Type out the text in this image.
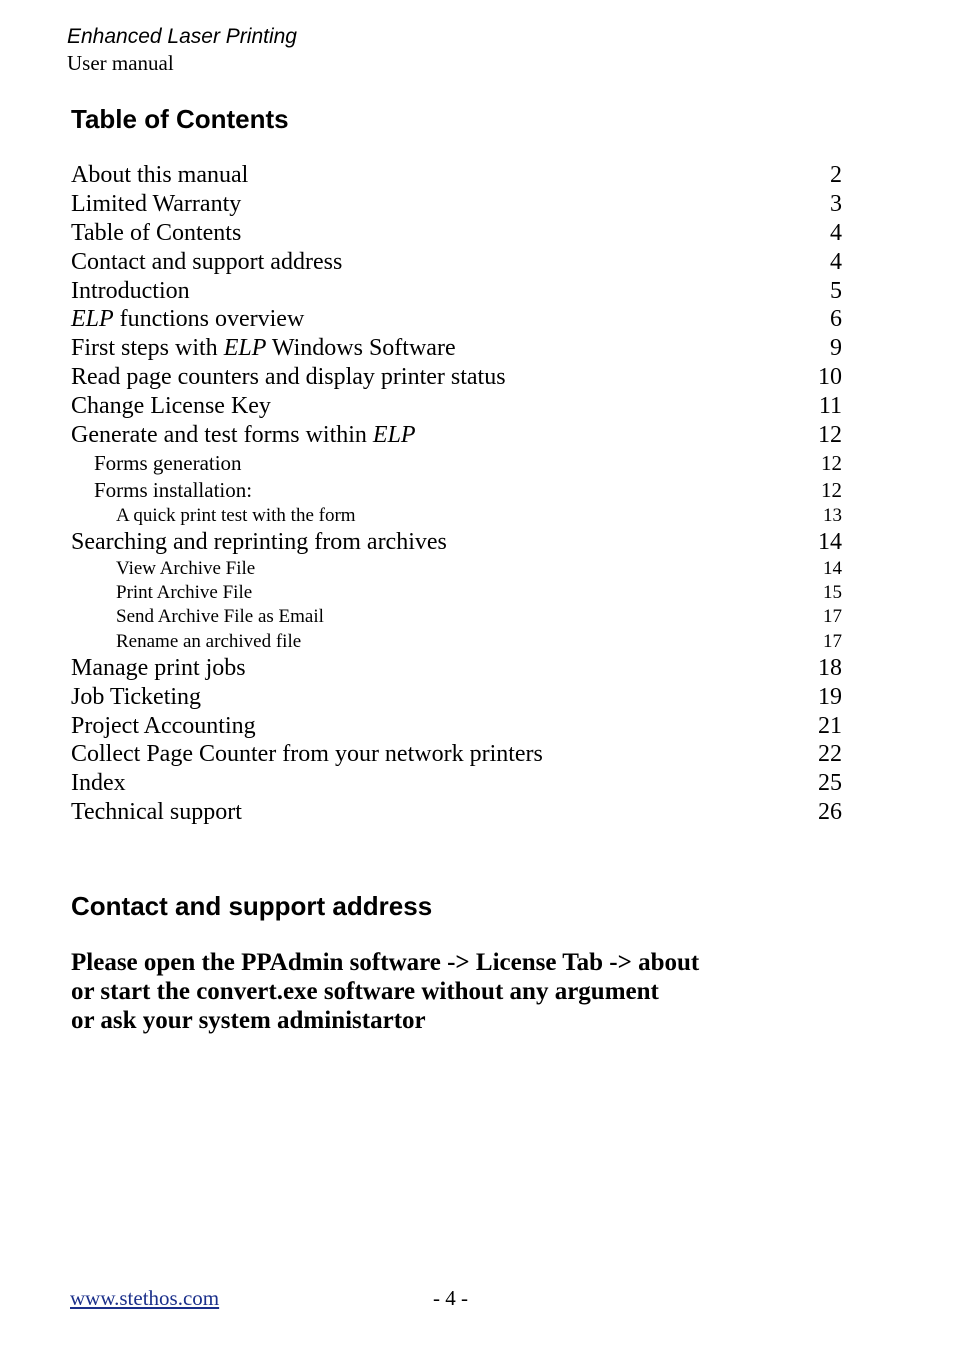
Enhanced Laser Printing
User manual
Table of Contents
About this manual	2
Limited Warranty	3
Table of Contents	4
Contact and support address	4
Introduction	5
ELP functions overview	6
First steps with ELP Windows Software	9
Read page counters and display printer status	10
Change License Key	11
Generate and test forms within ELP	12
Forms generation	12
Forms installation:	12
A quick print test with the form	13
Searching and reprinting from archives	14
View Archive File	14
Print Archive File	15
Send Archive File as Email	17
Rename an archived file	17
Manage print jobs	18
Job Ticketing	19
Project Accounting	21
Collect Page Counter from your network printers	22
Index	25
Technical support	26
Contact and support address
Please open the PPAdmin software -> License Tab -> about
or start the convert.exe software without any argument
or ask your system administartor
www.stethos.com	- 4 -
